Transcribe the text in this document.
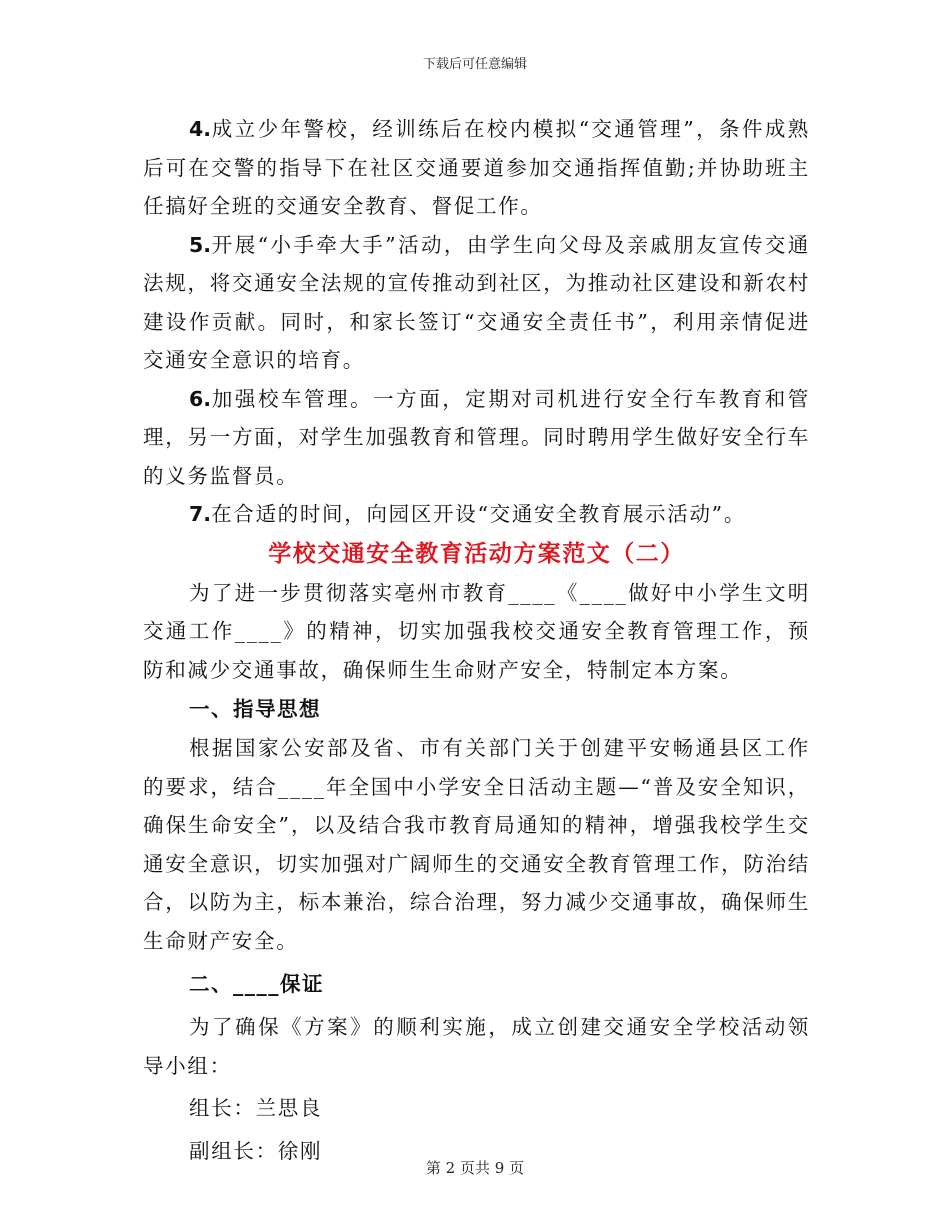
下载后可任意编辑

4.成立少年警校，经训练后在校内模拟“交通管理”，条件成熟后可在交警的指导下在社区交通要道参加交通指挥值勤;并协助班主任搞好全班的交通安全教育、督促工作。

5.开展“小手牵大手”活动，由学生向父母及亲戚朋友宣传交通法规，将交通安全法规的宣传推动到社区，为推动社区建设和新农村建设作贡献。同时，和家长签订“交通安全责任书”，利用亲情促进交通安全意识的培育。

6.加强校车管理。一方面，定期对司机进行安全行车教育和管理，另一方面，对学生加强教育和管理。同时聘用学生做好安全行车的义务监督员。

7.在合适的时间，向园区开设“交通安全教育展示活动”。

学校交通安全教育活动方案范文（二）

为了进一步贯彻落实亳州市教育____《____做好中小学生文明交通工作____》的精神，切实加强我校交通安全教育管理工作，预防和减少交通事故，确保师生生命财产安全，特制定本方案。

一、指导思想

根据国家公安部及省、市有关部门关于创建平安畅通县区工作的要求，结合____年全国中小学安全日活动主题—“普及安全知识，确保生命安全”，以及结合我市教育局通知的精神，增强我校学生交通安全意识，切实加强对广阔师生的交通安全教育管理工作，防治结合，以防为主，标本兼治，综合治理，努力减少交通事故，确保师生生命财产安全。

二、____保证

为了确保《方案》的顺利实施，成立创建交通安全学校活动领导小组：

组长：兰思良

副组长：徐刚

第 2 页共 9 页
